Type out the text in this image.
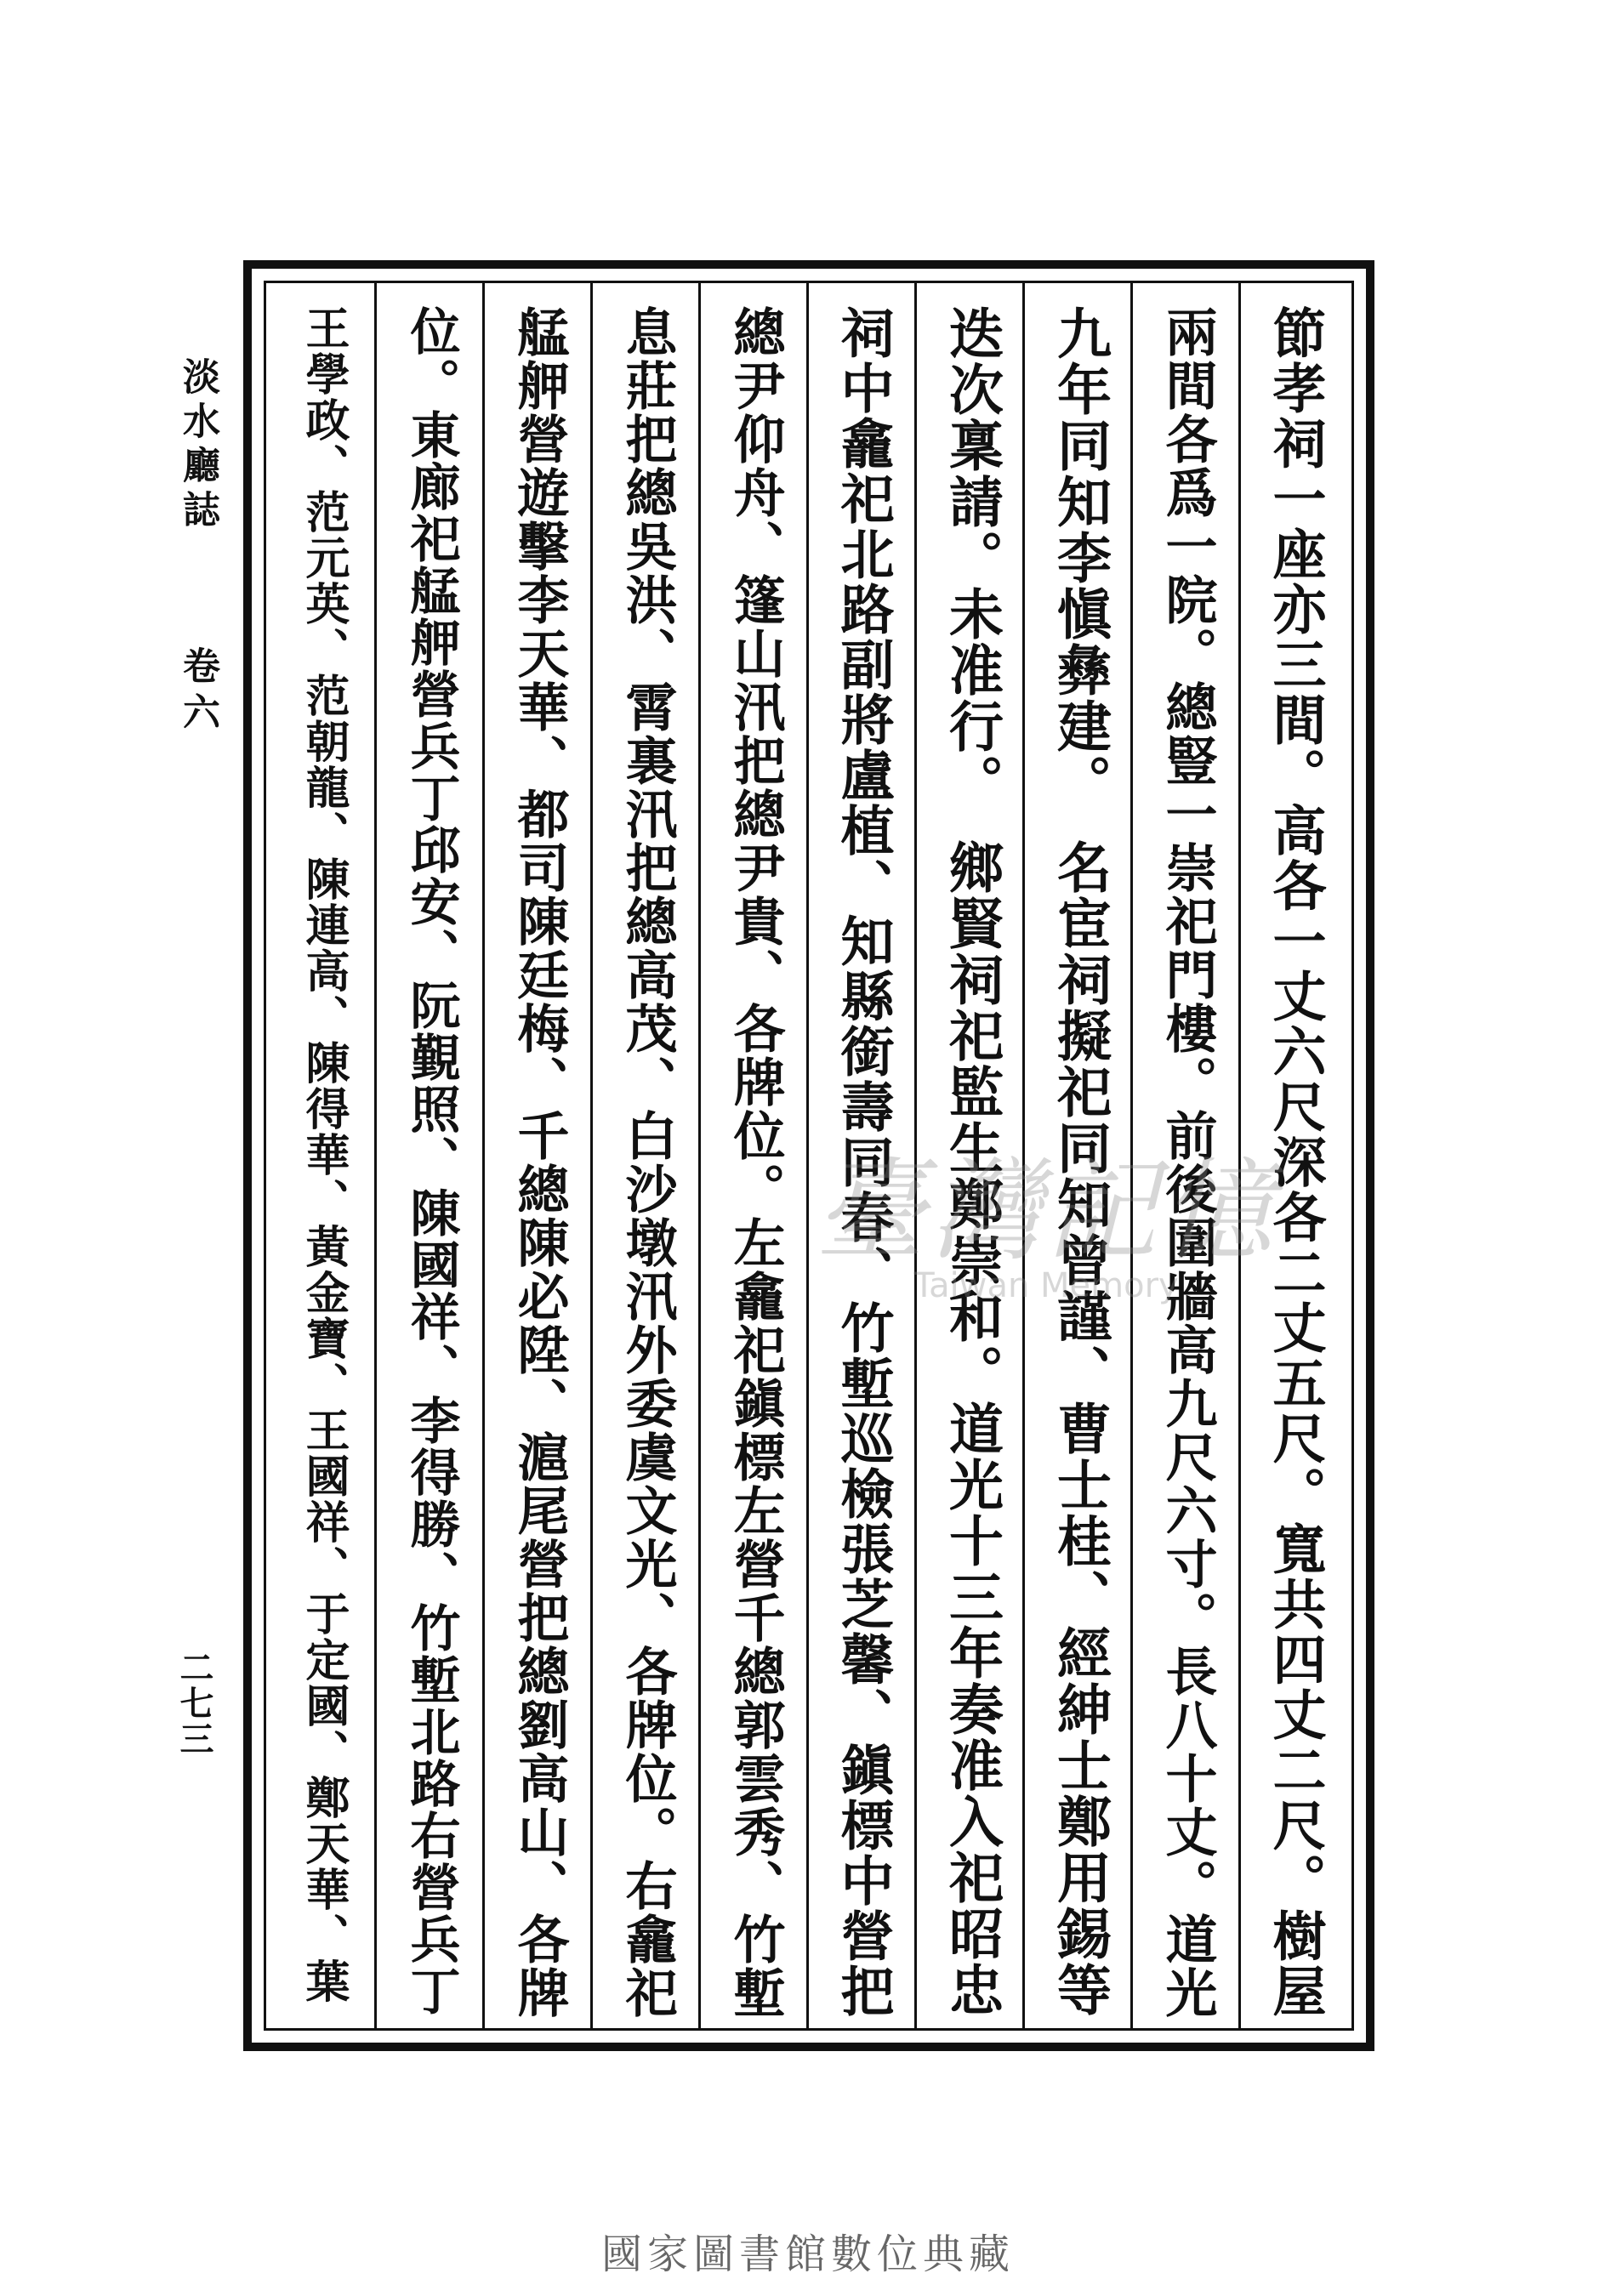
淡水廳誌
卷六
二七三	節孝祠一座亦三間。高各一丈六尺深各二丈五尺。寬共四丈二尺。樹屋
兩間各爲一院。總豎一崇祀門樓。前後圍牆高九尺六寸。長八十丈。道光
九年同知李愼彝建。　名宦祠擬祀同知曾謹、曹士桂、經紳士鄭用錫等
迭次稟請。未准行。　鄉賢祠祀監生鄭崇和。道光十三年奏准入祀昭忠
祠中龕祀北路副將盧植、知縣銜壽同春、竹塹巡檢張芝馨、鎭標中營把
總尹仰舟、篷山汛把總尹貴、各牌位。左龕祀鎭標左營千總郭雲秀、竹塹
息莊把總吳洪、霄裏汛把總高茂、白沙墩汛外委虞文光、各牌位。右龕祀
艋舺營遊擊李天華、都司陳廷梅、千總陳必陞、滬尾營把總劉高山、各牌
位。東廊祀艋舺營兵丁邱安、阮覲照、陳國祥、李得勝、竹塹北路右營兵丁
王學政、范元英、范朝龍、陳連高、陳得華、黃金寶、王國祥、于定國、鄭天華、葉	臺灣記憶
Taiwan Memory
國家圖書館數位典藏
